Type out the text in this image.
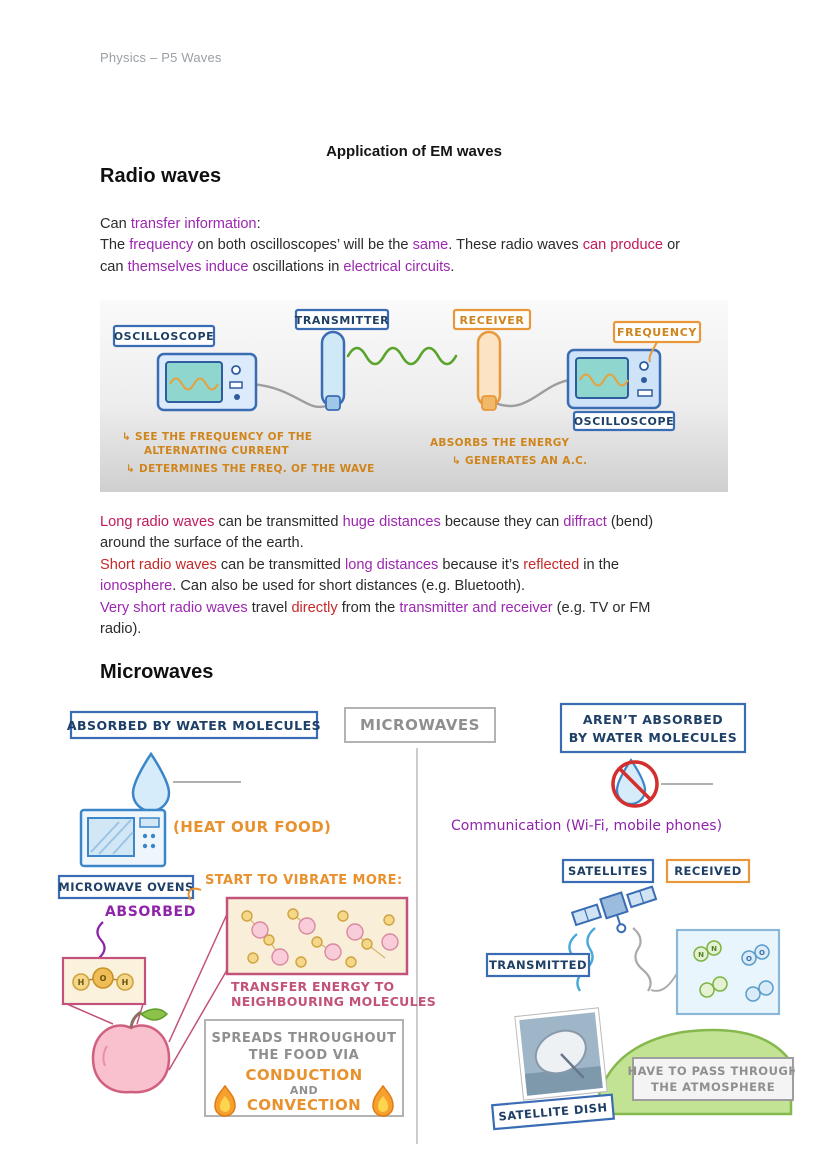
Physics – P5 Waves
Application of EM waves
Radio waves

Can transfer information:
The frequency on both oscilloscopes’ will be the same. These radio waves can produce or
can themselves induce oscillations in electrical circuits.

OSCILLOSCOPE
TRANSMITTER	RECEIVER
FREQUENCY
OSCILLOSCOPE
↳ SEE THE FREQUENCY OF THE
ALTERNATING CURRENT
↳ DETERMINES THE FREQ. OF THE WAVE
ABSORBS THE ENERGY
↳ GENERATES AN A.C.

Long radio waves can be transmitted huge distances because they can diffract (bend)
around the surface of the earth.
Short radio waves can be transmitted long distances because it’s reflected in the
ionosphere. Can also be used for short distances (e.g. Bluetooth).
Very short radio waves travel directly from the transmitter and receiver (e.g. TV or FM
radio).

Microwaves
ABSORBED BY WATER MOLECULES	MICROWAVES
(HEAT OUR FOOD)
MICROWAVE OVENS START TO VIBRATE MORE:
ABSORBED
H O H	TRANSFER ENERGY TO
NEIGHBOURING MOLECULES
SPREADS THROUGHOUT
THE FOOD VIA
CONDUCTION
AND
CONVECTION
AREN’T ABSORBED
BY WATER MOLECULES
Communication (Wi-Fi, mobile phones)
SATELLITES RECEIVED
TRANSMITTED
N
N
O
O
SATELLITE DISH
HAVE TO PASS THROUGH
THE ATMOSPHERE
